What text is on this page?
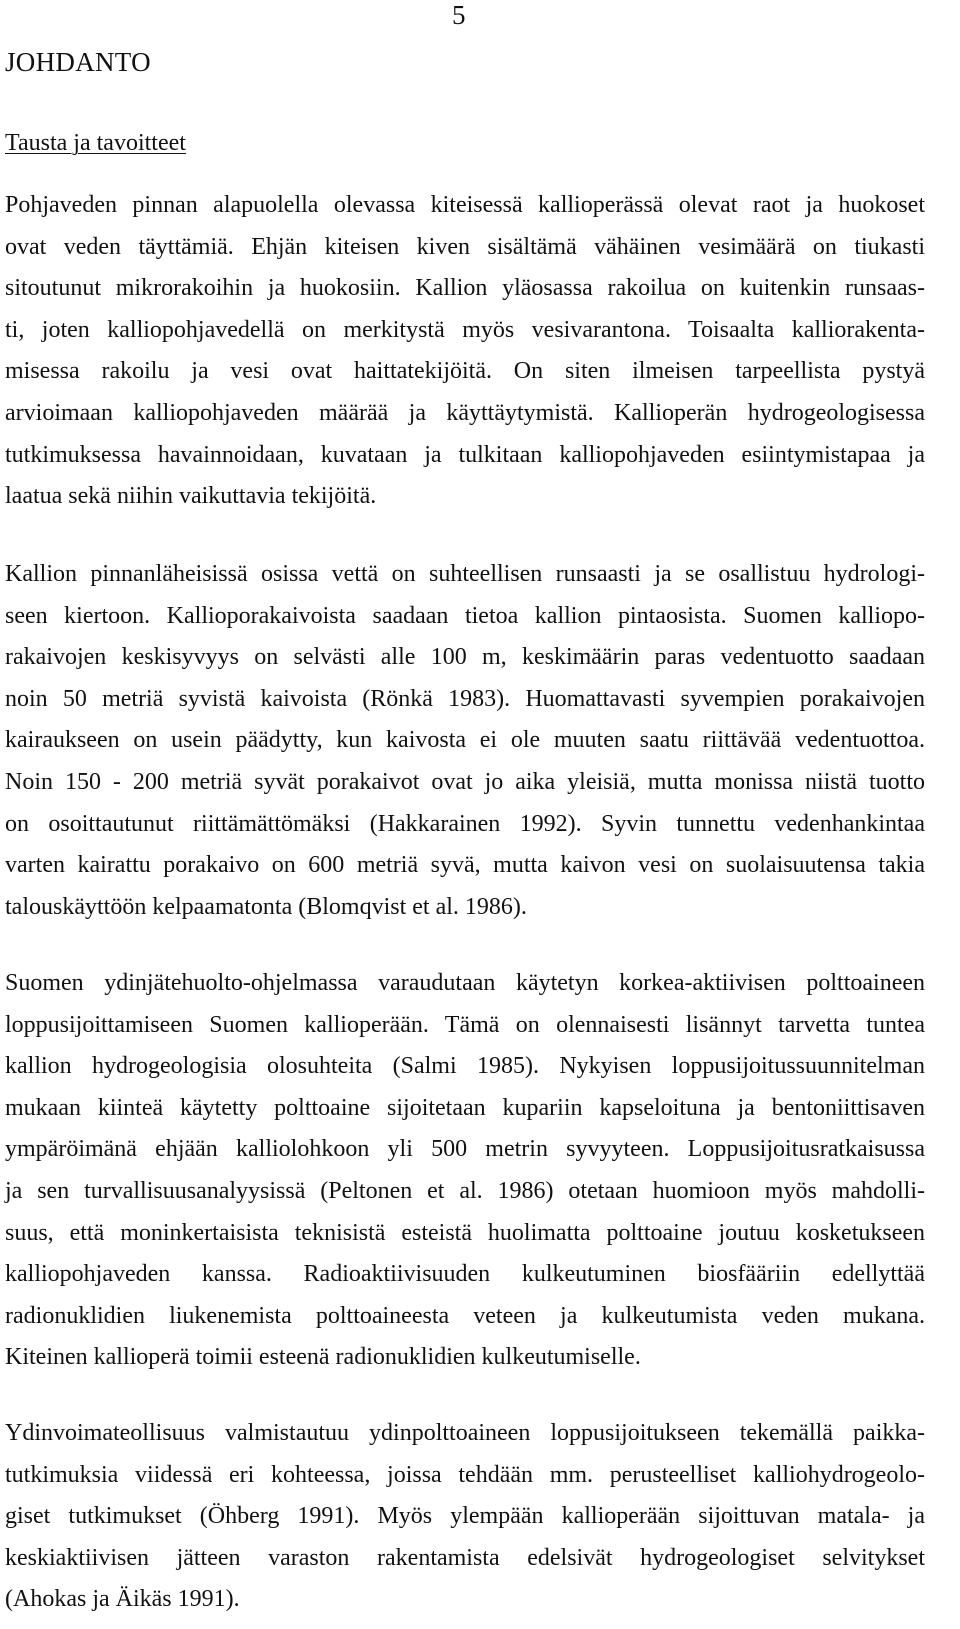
5
JOHDANTO
Tausta ja tavoitteet
Pohjaveden pinnan alapuolella olevassa kiteisessä kallioperässä olevat raot ja huokoset
ovat veden täyttämiä. Ehjän kiteisen kiven sisältämä vähäinen vesimäärä on tiukasti
sitoutunut mikrorakoihin ja huokosiin. Kallion yläosassa rakoilua on kuitenkin runsaas-
ti, joten kalliopohjavedellä on merkitystä myös vesivarantona. Toisaalta kalliorakenta-
misessa rakoilu ja vesi ovat haittatekijöitä. On siten ilmeisen tarpeellista pystyä
arvioimaan kalliopohjaveden määrää ja käyttäytymistä. Kallioperän hydrogeologisessa
tutkimuksessa havainnoidaan, kuvataan ja tulkitaan kalliopohjaveden esiintymistapaa ja
laatua sekä niihin vaikuttavia tekijöitä.
Kallion pinnanläheisissä osissa vettä on suhteellisen runsaasti ja se osallistuu hydrologi-
seen kiertoon. Kallioporakaivoista saadaan tietoa kallion pintaosista. Suomen kalliopo-
rakaivojen keskisyvyys on selvästi alle 100 m, keskimäärin paras vedentuotto saadaan
noin 50 metriä syvistä kaivoista (Rönkä 1983). Huomattavasti syvempien porakaivojen
kairaukseen on usein päädytty, kun kaivosta ei ole muuten saatu riittävää vedentuottoa.
Noin 150 - 200 metriä syvät porakaivot ovat jo aika yleisiä, mutta monissa niistä tuotto
on osoittautunut riittämättömäksi (Hakkarainen 1992). Syvin tunnettu vedenhankintaa
varten kairattu porakaivo on 600 metriä syvä, mutta kaivon vesi on suolaisuutensa takia
talouskäyttöön kelpaamatonta (Blomqvist et al. 1986).
Suomen ydinjätehuolto-ohjelmassa varaudutaan käytetyn korkea-aktiivisen polttoaineen
loppusijoittamiseen Suomen kallioperään. Tämä on olennaisesti lisännyt tarvetta tuntea
kallion hydrogeologisia olosuhteita (Salmi 1985). Nykyisen loppusijoitussuunnitelman
mukaan kiinteä käytetty polttoaine sijoitetaan kupariin kapseloituna ja bentoniittisaven
ympäröimänä ehjään kalliolohkoon yli 500 metrin syvyyteen. Loppusijoitusratkaisussa
ja sen turvallisuusanalyysissä (Peltonen et al. 1986) otetaan huomioon myös mahdolli-
suus, että moninkertaisista teknisistä esteistä huolimatta polttoaine joutuu kosketukseen
kalliopohjaveden kanssa. Radioaktiivisuuden kulkeutuminen biosfääriin edellyttää
radionuklidien liukenemista polttoaineesta veteen ja kulkeutumista veden mukana.
Kiteinen kallioperä toimii esteenä radionuklidien kulkeutumiselle.
Ydinvoimateollisuus valmistautuu ydinpolttoaineen loppusijoitukseen tekemällä paikka-
tutkimuksia viidessä eri kohteessa, joissa tehdään mm. perusteelliset kalliohydrogeolo-
giset tutkimukset (Öhberg 1991). Myös ylempään kallioperään sijoittuvan matala- ja
keskiaktiivisen jätteen varaston rakentamista edelsivät hydrogeologiset selvitykset
(Ahokas ja Äikäs 1991).
